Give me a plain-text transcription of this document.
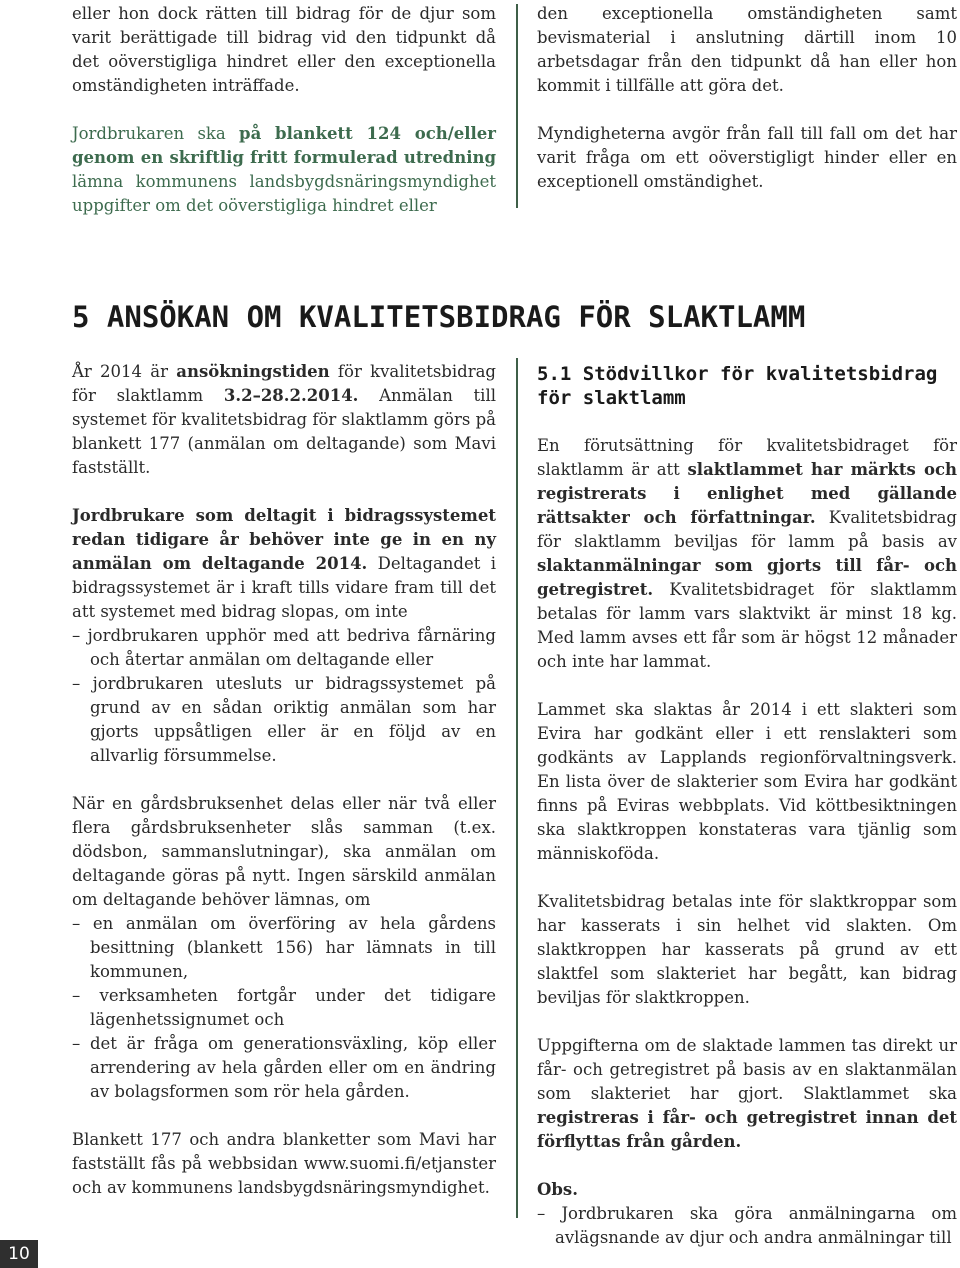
eller hon dock rätten till bidrag för de djur som varit berättigade till bidrag vid den tidpunkt då det oöverstigliga hindret eller den exceptionella omständigheten inträffade.

Jordbrukaren ska på blankett 124 och/eller genom en skriftlig fritt formulerad utredning lämna kommunens landsbygdsnäringsmyndighet uppgifter om det oöverstigliga hindret eller

den exceptionella omständigheten samt bevismaterial i anslutning därtill inom 10 arbetsdagar från den tidpunkt då han eller hon kommit i tillfälle att göra det.

Myndigheterna avgör från fall till fall om det har varit fråga om ett oöverstigligt hinder eller en exceptionell omständighet.

5 ANSÖKAN OM KVALITETSBIDRAG FÖR SLAKTLAMM

År 2014 är ansökningstiden för kvalitetsbidrag för slaktlamm 3.2–28.2.2014. Anmälan till systemet för kvalitetsbidrag för slaktlamm görs på blankett 177 (anmälan om deltagande) som Mavi fastställt.

Jordbrukare som deltagit i bidragssystemet redan tidigare år behöver inte ge in en ny anmälan om deltagande 2014. Deltagandet i bidragssystemet är i kraft tills vidare fram till det att systemet med bidrag slopas, om inte

– jordbrukaren upphör med att bedriva fårnäring och återtar anmälan om deltagande eller

– jordbrukaren utesluts ur bidragssystemet på grund av en sådan oriktig anmälan som har gjorts uppsåtligen eller är en följd av en allvarlig försummelse.

När en gårdsbruksenhet delas eller när två eller flera gårdsbruksenheter slås samman (t.ex. dödsbon, sammanslutningar), ska anmälan om deltagande göras på nytt. Ingen särskild anmälan om deltagande behöver lämnas, om

– en anmälan om överföring av hela gårdens besittning (blankett 156) har lämnats in till kommunen,

– verksamheten fortgår under det tidigare lägenhetssignumet och

– det är fråga om generationsväxling, köp eller arrendering av hela gården eller om en ändring av bolagsformen som rör hela gården.

Blankett 177 och andra blanketter som Mavi har fastställt fås på webbsidan www.suomi.fi/etjanster och av kommunens landsbygdsnäringsmyndighet.

5.1 Stödvillkor för kvalitetsbidrag för slaktlamm

En förutsättning för kvalitetsbidraget för slaktlamm är att slaktlammet har märkts och registrerats i enlighet med gällande rättsakter och författningar. Kvalitetsbidrag för slaktlamm beviljas för lamm på basis av slaktanmälningar som gjorts till får- och getregistret. Kvalitetsbidraget för slaktlamm betalas för lamm vars slaktvikt är minst 18 kg. Med lamm avses ett får som är högst 12 månader och inte har lammat.

Lammet ska slaktas år 2014 i ett slakteri som Evira har godkänt eller i ett renslakteri som godkänts av Lapplands regionförvaltningsverk. En lista över de slakterier som Evira har godkänt finns på Eviras webbplats. Vid köttbesiktningen ska slaktkroppen konstateras vara tjänlig som människoföda.

Kvalitetsbidrag betalas inte för slaktkroppar som har kasserats i sin helhet vid slakten. Om slaktkroppen har kasserats på grund av ett slaktfel som slakteriet har begått, kan bidrag beviljas för slaktkroppen.

Uppgifterna om de slaktade lammen tas direkt ur får- och getregistret på basis av en slaktanmälan som slakteriet har gjort. Slaktlammet ska registreras i får- och getregistret innan det förflyttas från gården.

Obs.

– Jordbrukaren ska göra anmälningarna om avlägsnande av djur och andra anmälningar till

10
